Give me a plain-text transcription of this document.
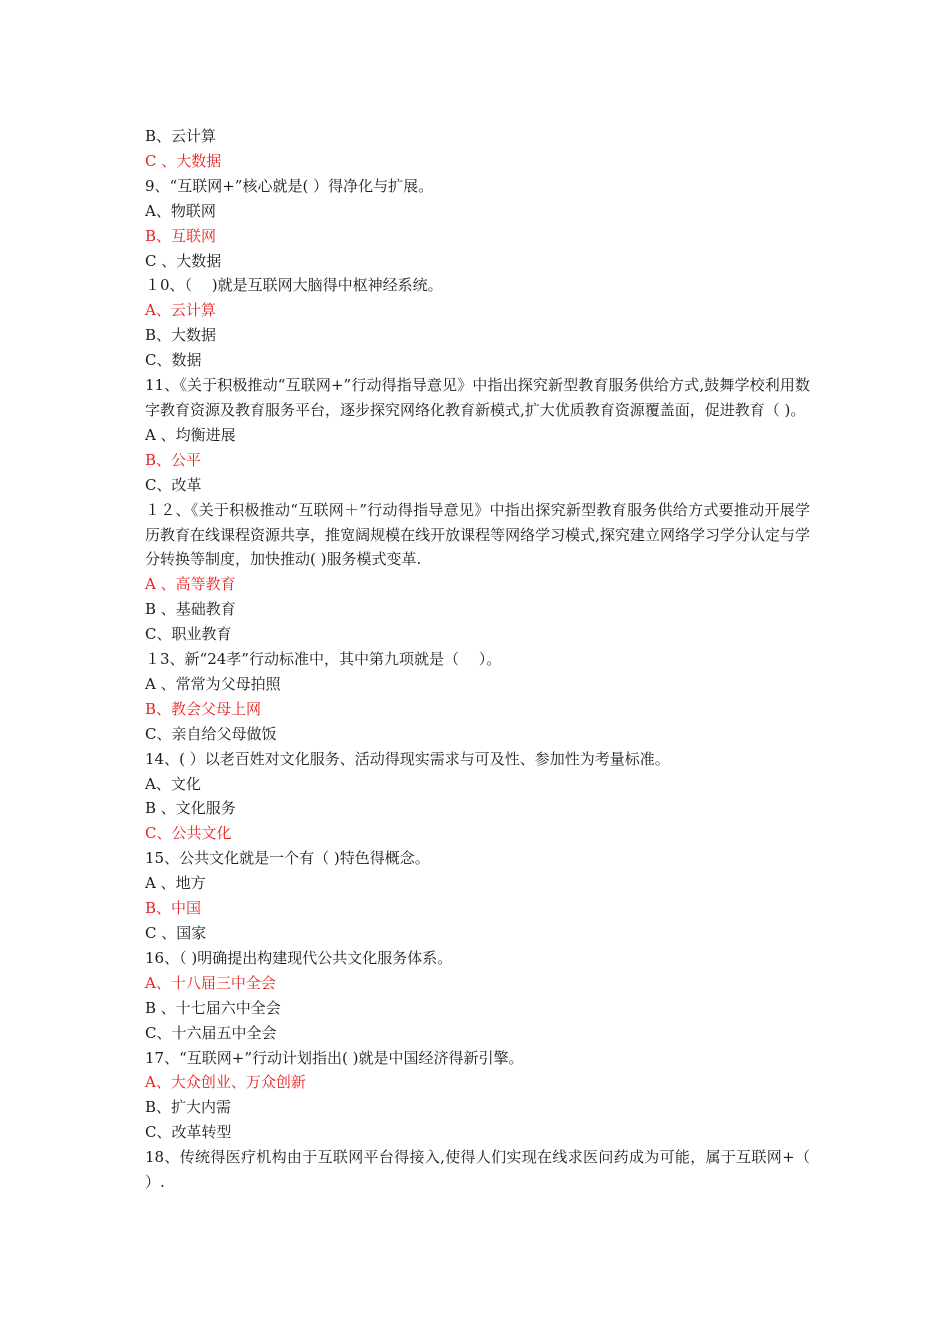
B、云计算
C 、大数据
9、“互联网+”核心就是( ）得净化与扩展。
A、物联网
B、互联网
C 、大数据
１0、（　 )就是互联网大脑得中枢神经系统。
A、云计算
B、大数据
C、数据
11、《关于积极推动“互联网+”行动得指导意见》中指出探究新型教育服务供给方式,鼓舞学校利用数字教育资源及教育服务平台，逐步探究网络化教育新模式,扩大优质教育资源覆盖面，促进教育（ )。
A 、均衡进展
B、公平
C、改革
１２、《关于积极推动“互联网＋”行动得指导意见》中指出探究新型教育服务供给方式要推动开展学历教育在线课程资源共享，推宽阔规模在线开放课程等网络学习模式,探究建立网络学习学分认定与学分转换等制度，加快推动( )服务模式变革.
A 、高等教育
B 、基础教育
C、职业教育
１3、新“24孝”行动标准中，其中第九项就是（　 ）。
A 、常常为父母拍照
B、教会父母上网
C、亲自给父母做饭
14、( ）以老百姓对文化服务、活动得现实需求与可及性、参加性为考量标准。
A、文化
B 、文化服务
C、公共文化
15、公共文化就是一个有（ )特色得概念。
A 、地方
B、中国
C 、国家
16、（ )明确提出构建现代公共文化服务体系。
A、十八届三中全会
B 、十七届六中全会
C、十六届五中全会
17、“互联网+”行动计划指出( )就是中国经济得新引擎。
A、大众创业、万众创新
B、扩大内需
C、改革转型
18、传统得医疗机构由于互联网平台得接入,使得人们实现在线求医问药成为可能，属于互联网+（ ）.
